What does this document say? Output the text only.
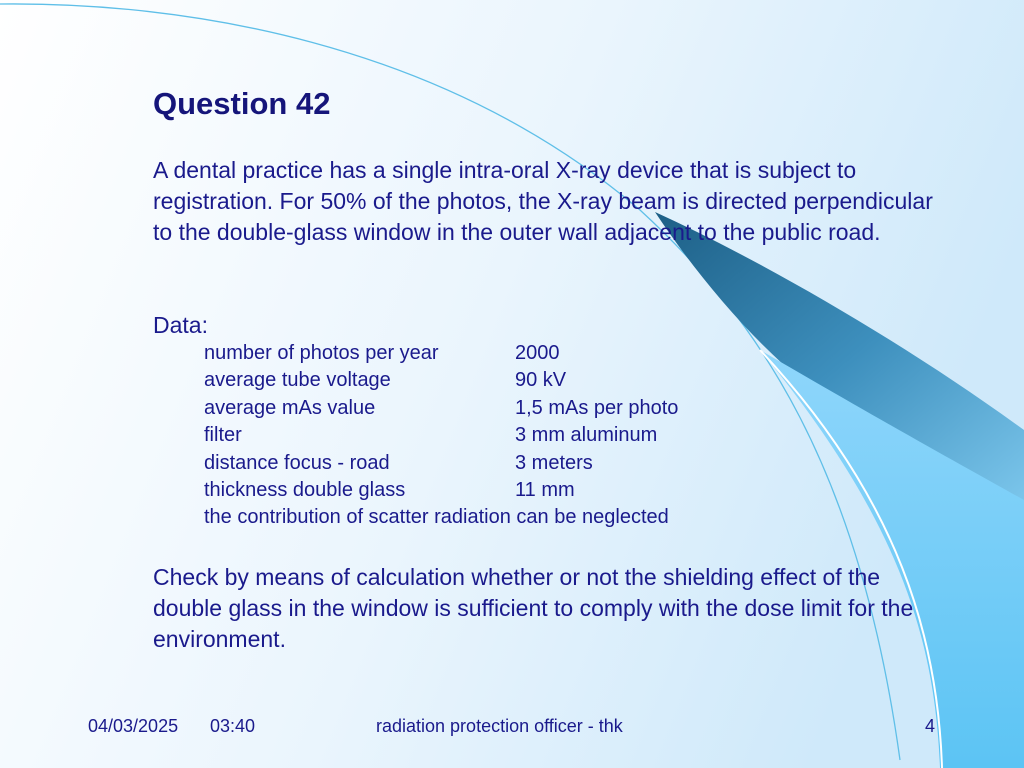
Question 42

A dental practice has a single intra-oral X-ray device that is subject to registration. For 50% of the photos, the X-ray beam is directed perpendicular to the double-glass window in the outer wall adjacent to the public road.

Data:
number of photos per year	2000
average tube voltage	90 kV
average mAs value	1,5 mAs per photo
filter	3 mm aluminum
distance focus - road	3 meters
thickness double glass	11 mm
the contribution of scatter radiation can be neglected

Check by means of calculation whether or not the shielding effect of the double glass in the window is sufficient to comply with the dose limit for the environment.

04/03/2025 03:40	radiation protection officer - thk	4
